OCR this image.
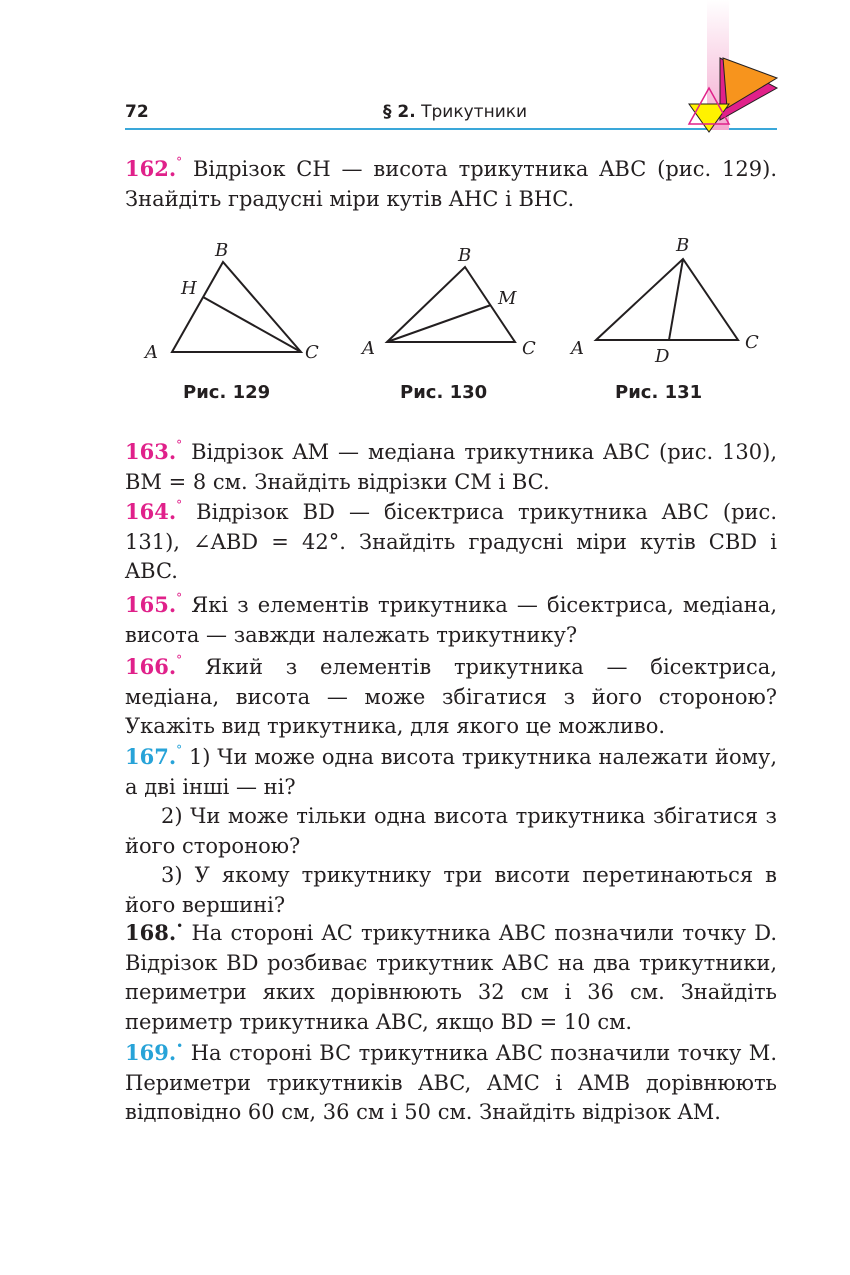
72	§ 2. Трикутники
162.° Відрізок CH — висота трикутника ABC (рис. 129). Знайдіть градусні міри кутів AHC і BHC.
A
B
C
H
A
B
C
M
A
B
C
D
Рис. 129	Рис. 130	Рис. 131
163.° Відрізок AM — медіана трикутника ABC (рис. 130), BM = 8 см. Знайдіть відрізки CM і BC.
164.° Відрізок BD — бісектриса трикутника ABC (рис. 131), ∠ABD = 42°. Знайдіть градусні міри кутів CBD і ABC.
165.° Які з елементів трикутника — бісектриса, медіана, висота — завжди належать трикутнику?
166.° Який з елементів трикутника — бісектриса, медіана, висота — може збігатися з його стороною? Укажіть вид трикутника, для якого це можливо.
167.° 1) Чи може одна висота трикутника належати йому, а дві інші — ні?
2) Чи може тільки одна висота трикутника збігатися з його стороною?
3) У якому трикутнику три висоти перетинаються в його вершині?
168.• На стороні AC трикутника ABC позначили точку D. Відрізок BD розбиває трикутник ABC на два трикутники, периметри яких дорівнюють 32 см і 36 см. Знайдіть периметр трикутника ABC, якщо BD = 10 см.
169.• На стороні BC трикутника ABC позначили точку M. Периметри трикутників ABC, AMC і AMB дорівнюють відповідно 60 см, 36 см і 50 см. Знайдіть відрізок AM.
